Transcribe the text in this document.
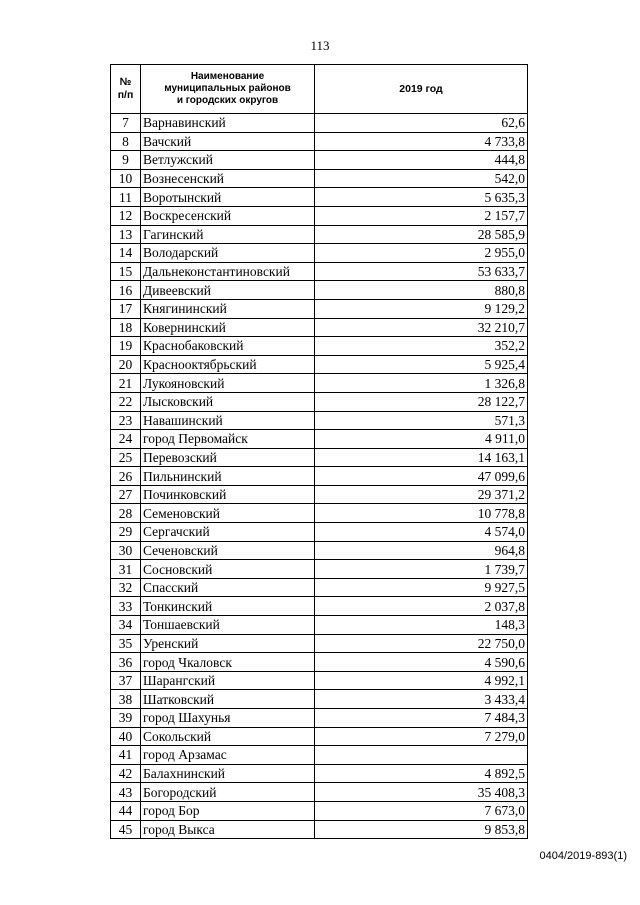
113
№
п/п	Наименование
муниципальных районов
и городских округов	2019 год
7	Варнавинский	62,6
8	Вачский	4 733,8
9	Ветлужский	444,8
10	Вознесенский	542,0
11	Воротынский	5 635,3
12	Воскресенский	2 157,7
13	Гагинский	28 585,9
14	Володарский	2 955,0
15	Дальнеконстантиновский	53 633,7
16	Дивеевский	880,8
17	Княгининский	9 129,2
18	Ковернинский	32 210,7
19	Краснобаковский	352,2
20	Краснооктябрьский	5 925,4
21	Лукояновский	1 326,8
22	Лысковский	28 122,7
23	Навашинский	571,3
24	город Первомайск	4 911,0
25	Перевозский	14 163,1
26	Пильнинский	47 099,6
27	Починковский	29 371,2
28	Семеновский	10 778,8
29	Сергачский	4 574,0
30	Сеченовский	964,8
31	Сосновский	1 739,7
32	Спасский	9 927,5
33	Тонкинский	2 037,8
34	Тоншаевский	148,3
35	Уренский	22 750,0
36	город Чкаловск	4 590,6
37	Шарангский	4 992,1
38	Шатковский	3 433,4
39	город Шахунья	7 484,3
40	Сокольский	7 279,0
41	город Арзамас	
42	Балахнинский	4 892,5
43	Богородский	35 408,3
44	город Бор	7 673,0
45	город Выкса	9 853,8
0404/2019-893(1)
